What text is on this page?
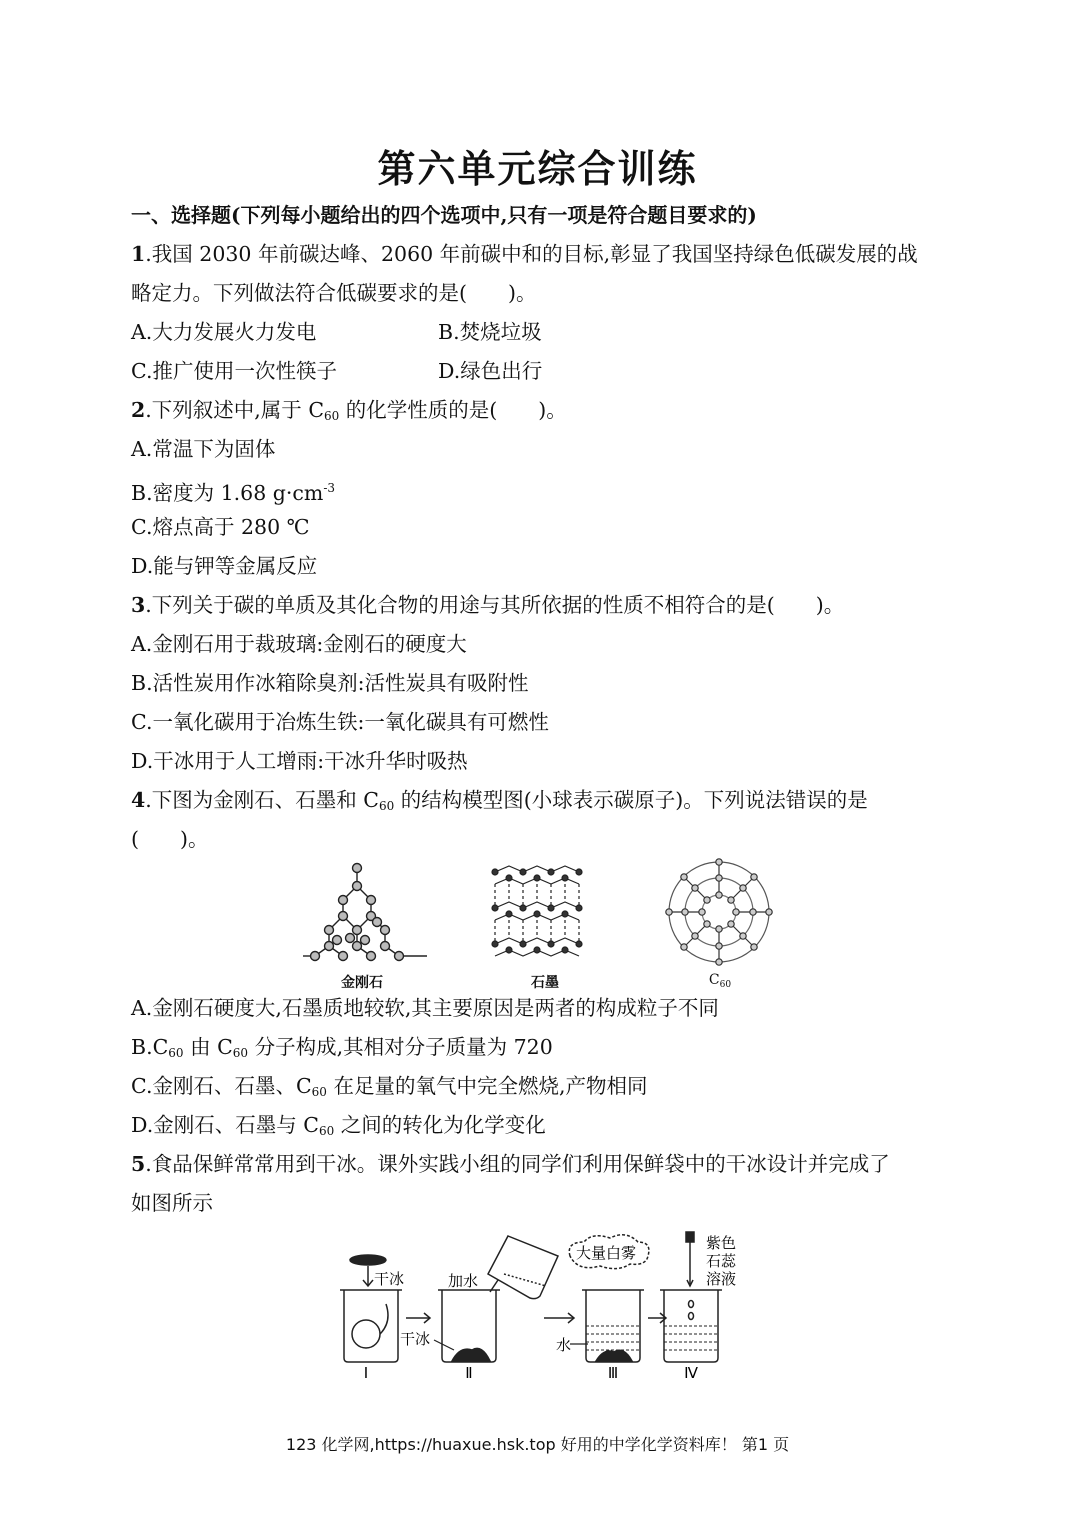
第六单元综合训练
一、选择题(下列每小题给出的四个选项中,只有一项是符合题目要求的)
1.我国 2030 年前碳达峰、2060 年前碳中和的目标,彰显了我国坚持绿色低碳发展的战
略定力。下列做法符合低碳要求的是(　　)。
A.大力发展火力发电	B.焚烧垃圾
C.推广使用一次性筷子	D.绿色出行
2.下列叙述中,属于 $C_{60}$ 的化学性质的是(　　)。
A.常温下为固体
B.密度为 1.68 $g\cdot cm^{-3}$
C.熔点高于 280 ℃
D.能与钾等金属反应
3.下列关于碳的单质及其化合物的用途与其所依据的性质不相符合的是(　　)。
A.金刚石用于裁玻璃:金刚石的硬度大
B.活性炭用作冰箱除臭剂:活性炭具有吸附性
C.一氧化碳用于冶炼生铁:一氧化碳具有可燃性
D.干冰用于人工增雨:干冰升华时吸热
4.下图为金刚石、石墨和 $C_{60}$ 的结构模型图(小球表示碳原子)。下列说法错误的是
(　　)。
金刚石	石墨	$C_{60}$
A.金刚石硬度大,石墨质地较软,其主要原因是两者的构成粒子不同
$B.C_{60}$ 由 $C_{60}$ 分子构成,其相对分子质量为 720
C.金刚石、石墨、$C_{60}$ 在足量的氧气中完全燃烧,产物相同
D.金刚石、石墨与 $C_{60}$ 之间的转化为化学变化
5.食品保鲜常常用到干冰。课外实践小组的同学们利用保鲜袋中的干冰设计并完成了
如图所示
干冰
Ⅰ
干冰
加水
大量白雾
水
Ⅲ
Ⅱ
紫色
石蕊
溶液
Ⅳ
123 化学网,https://huaxue.hsk.top 好用的中学化学资料库！ 第1 页
